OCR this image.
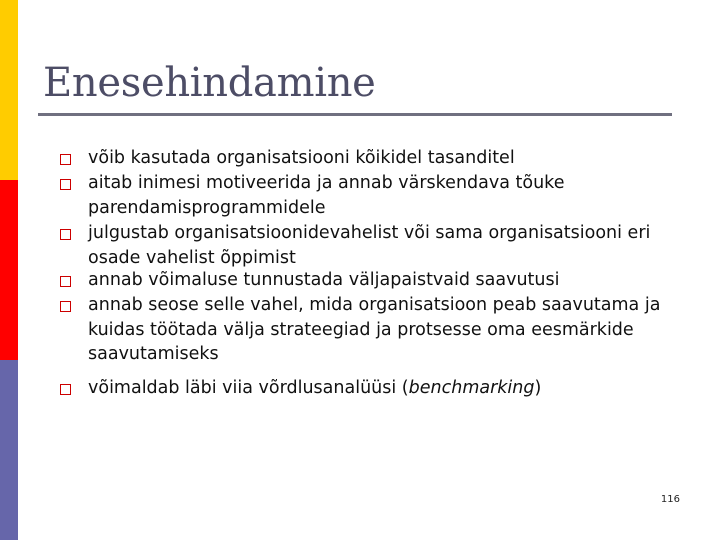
Enesehindamine
võib kasutada organisatsiooni kõikidel tasanditel
aitab inimesi motiveerida ja annab värskendava tõuke parendamisprogrammidele
julgustab organisatsioonidevahelist või sama organisatsiooni eri osade vahelist õppimist
annab võimaluse tunnustada väljapaistvaid saavutusi
annab seose selle vahel, mida organisatsioon peab saavutama ja kuidas töötada välja strateegiad ja protsesse oma eesmärkide saavutamiseks
võimaldab läbi viia võrdlusanalüüsi (benchmarking)
116
